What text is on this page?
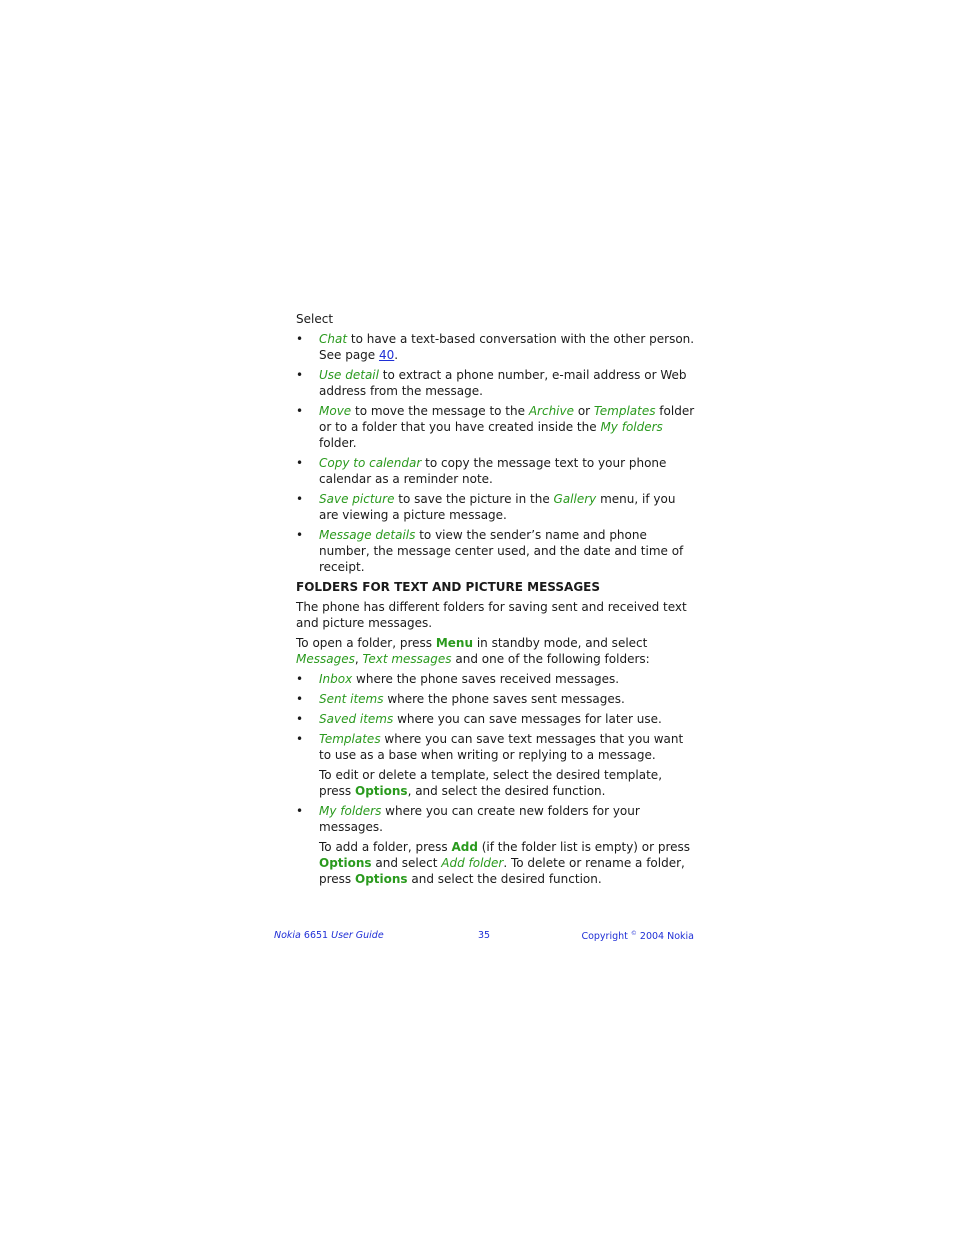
Select

• Chat to have a text-based conversation with the other person. See page 40.
• Use detail to extract a phone number, e-mail address or Web address from the message.
• Move to move the message to the Archive or Templates folder or to a folder that you have created inside the My folders folder.
• Copy to calendar to copy the message text to your phone calendar as a reminder note.
• Save picture to save the picture in the Gallery menu, if you are viewing a picture message.
• Message details to view the sender’s name and phone number, the message center used, and the date and time of receipt.

FOLDERS FOR TEXT AND PICTURE MESSAGES

The phone has different folders for saving sent and received text and picture messages.

To open a folder, press Menu in standby mode, and select Messages, Text messages and one of the following folders:

• Inbox where the phone saves received messages.
• Sent items where the phone saves sent messages.
• Saved items where you can save messages for later use.
• Templates where you can save text messages that you want to use as a base when writing or replying to a message.

To edit or delete a template, select the desired template, press Options, and select the desired function.

• My folders where you can create new folders for your messages.

To add a folder, press Add (if the folder list is empty) or press Options and select Add folder. To delete or rename a folder, press Options and select the desired function.

Nokia 6651 User Guide	35	Copyright © 2004 Nokia
